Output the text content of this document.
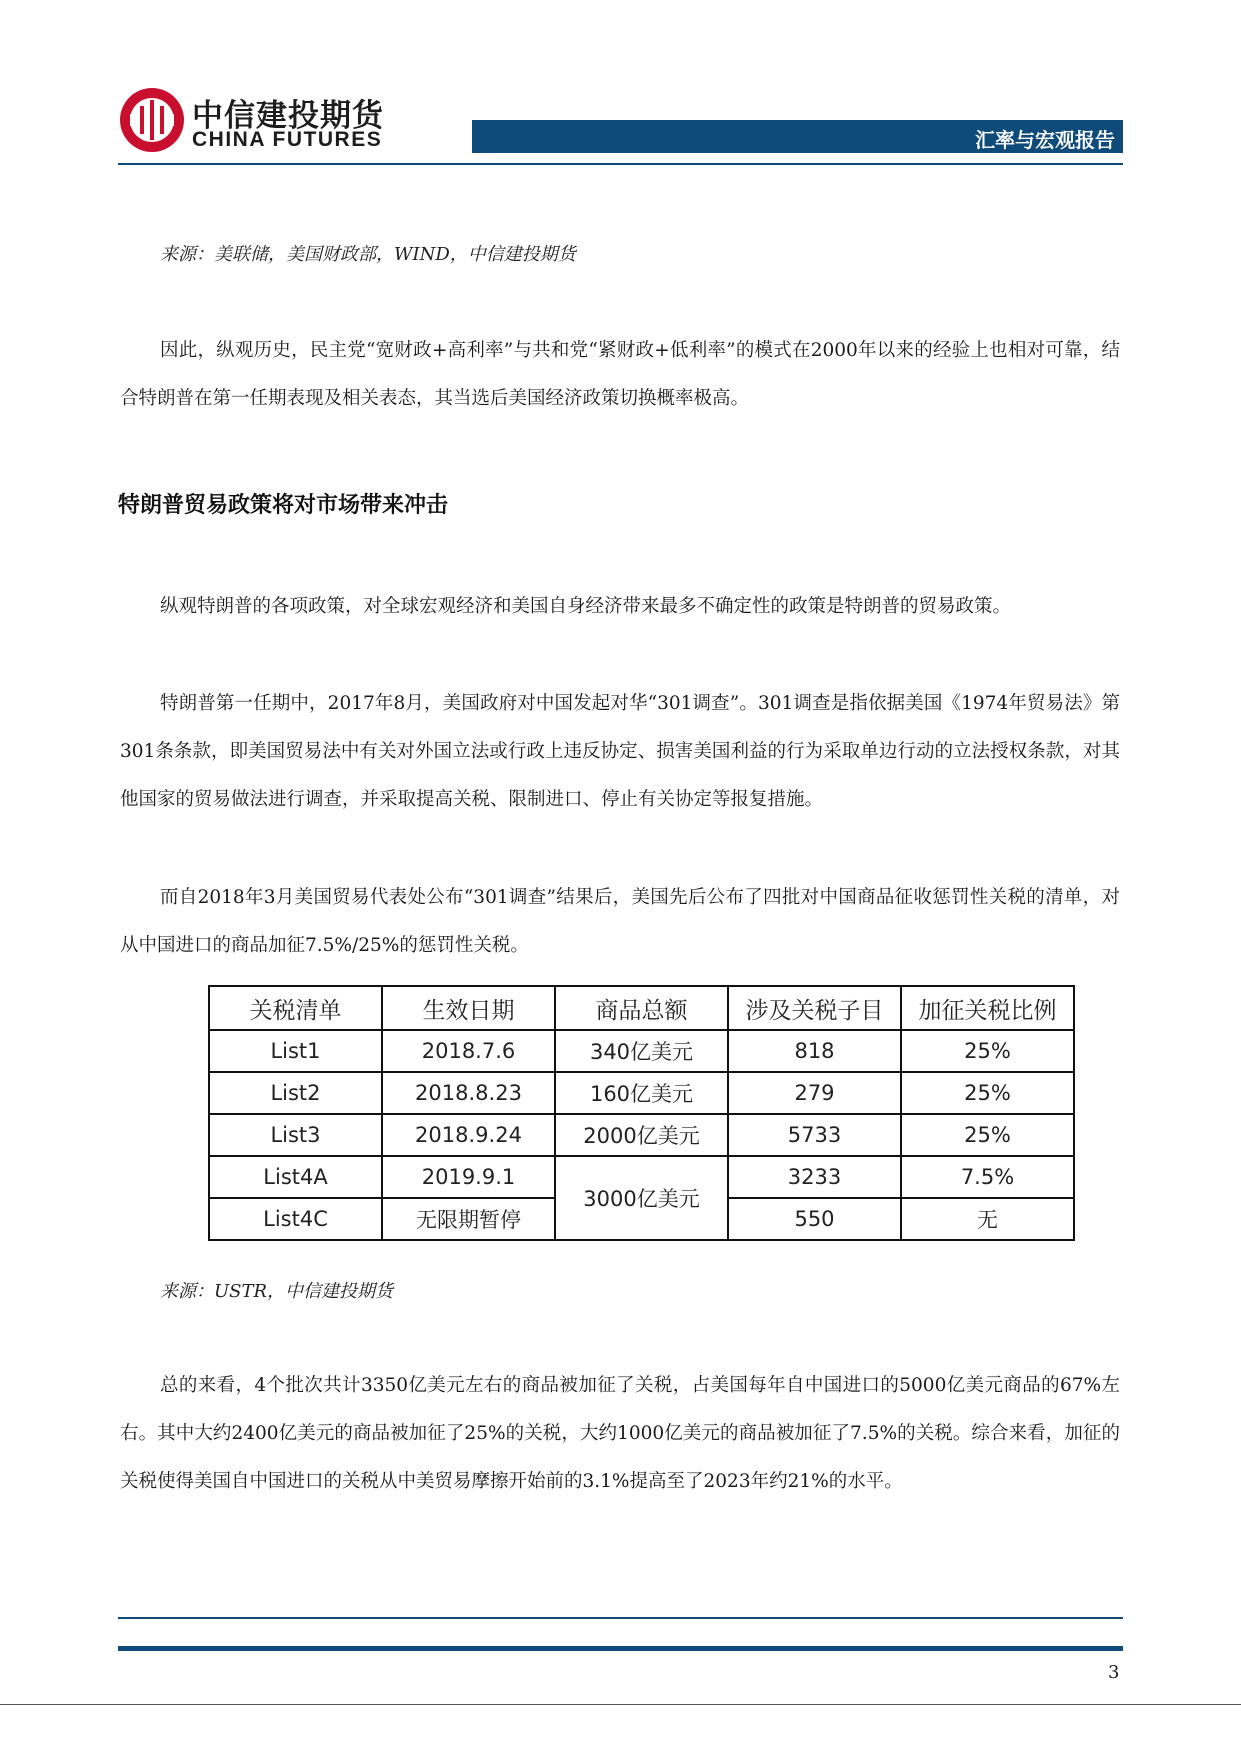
中信建投期货
CHINA FUTURES	汇率与宏观报告
来源：美联储，美国财政部，WIND，中信建投期货
因此，纵观历史，民主党“宽财政+高利率”与共和党“紧财政+低利率”的模式在2000年以来的经验上也相对可靠，结合特朗普在第一任期表现及相关表态，其当选后美国经济政策切换概率极高。
特朗普贸易政策将对市场带来冲击
纵观特朗普的各项政策，对全球宏观经济和美国自身经济带来最多不确定性的政策是特朗普的贸易政策。
特朗普第一任期中，2017年8月，美国政府对中国发起对华“301调查”。301调查是指依据美国《1974年贸易法》第301条条款，即美国贸易法中有关对外国立法或行政上违反协定、损害美国利益的行为采取单边行动的立法授权条款，对其他国家的贸易做法进行调查，并采取提高关税、限制进口、停止有关协定等报复措施。
而自2018年3月美国贸易代表处公布“301调查”结果后，美国先后公布了四批对中国商品征收惩罚性关税的清单，对从中国进口的商品加征7.5%/25%的惩罚性关税。
关税清单	生效日期	商品总额	涉及关税子目	加征关税比例
List1	2018.7.6	340亿美元	818	25%
List2	2018.8.23	160亿美元	279	25%
List3	2018.9.24	2000亿美元	5733	25%
List4A	2019.9.1	3000亿美元	3233	7.5%
List4C	无限期暂停		550	无
来源：USTR，中信建投期货
总的来看，4个批次共计3350亿美元左右的商品被加征了关税，占美国每年自中国进口的5000亿美元商品的67%左右。其中大约2400亿美元的商品被加征了25%的关税，大约1000亿美元的商品被加征了7.5%的关税。综合来看，加征的关税使得美国自中国进口的关税从中美贸易摩擦开始前的3.1%提高至了2023年约21%的水平。
3
